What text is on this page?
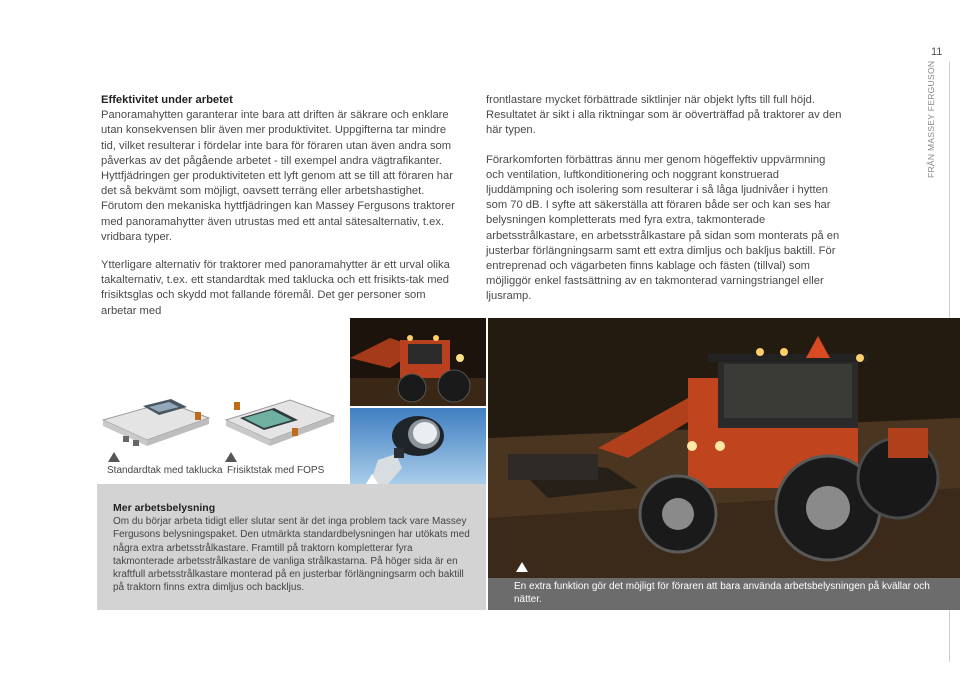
11
FRÅN MASSEY FERGUSON

Effektivitet under arbetet

Panoramahytten garanterar inte bara att driften är säkrare och enklare utan konsekvensen blir även mer produktivitet. Uppgifterna tar mindre tid, vilket resulterar i fördelar inte bara för föraren utan även andra som påverkas av det pågående arbetet - till exempel andra vägtrafikanter. Hyttfjädringen ger produktiviteten ett lyft genom att se till att föraren har det så bekvämt som möjligt, oavsett terräng eller arbetshastighet. Förutom den mekaniska hyttfjädringen kan Massey Fergusons traktorer med panoramahytter även utrustas med ett antal sätesalternativ, t.ex. vridbara typer.

Ytterligare alternativ för traktorer med panoramahytter är ett urval olika takalternativ, t.ex. ett standardtak med taklucka och ett frisikts-tak med frisiktsglas och skydd mot fallande föremål. Det ger personer som arbetar med

frontlastare mycket förbättrade siktlinjer när objekt lyfts till full höjd. Resultatet är sikt i alla riktningar som är oöverträffad på traktorer av den här typen.

Förarkomforten förbättras ännu mer genom högeffektiv uppvärmning och ventilation, luftkonditionering och noggrant konstruerad ljuddämpning och isolering som resulterar i så låga ljudnivåer i hytten som 70 dB. I syfte att säkerställa att föraren både ser och kan ses har belysningen kompletterats med fyra extra, takmonterade arbetsstrålkastare, en arbetsstrålkastare på sidan som monterats på en justerbar förlängningsarm samt ett extra dimljus och bakljus baktill. För entreprenad och vägarbeten finns kablage och fästen (tillval) som möjliggör enkel fastsättning av en takmonterad varningstriangel eller ljusramp.

Standardtak med taklucka Frisiktstak med FOPS

Mer arbetsbelysning

Om du börjar arbeta tidigt eller slutar sent är det inga problem tack vare Massey Fergusons belysningspaket. Den utmärkta standardbelysningen har utökats med några extra arbetsstrålkastare. Framtill på traktorn kompletterar fyra takmonterade arbetsstrålkastare de vanliga strålkastarna. På höger sida är en kraftfull arbetsstrålkastare monterad på en justerbar förlängningsarm och baktill på traktorn finns extra dimljus och backljus.	En extra funktion gör det möjligt för föraren att bara använda arbetsbelysningen på kvällar och nätter.
